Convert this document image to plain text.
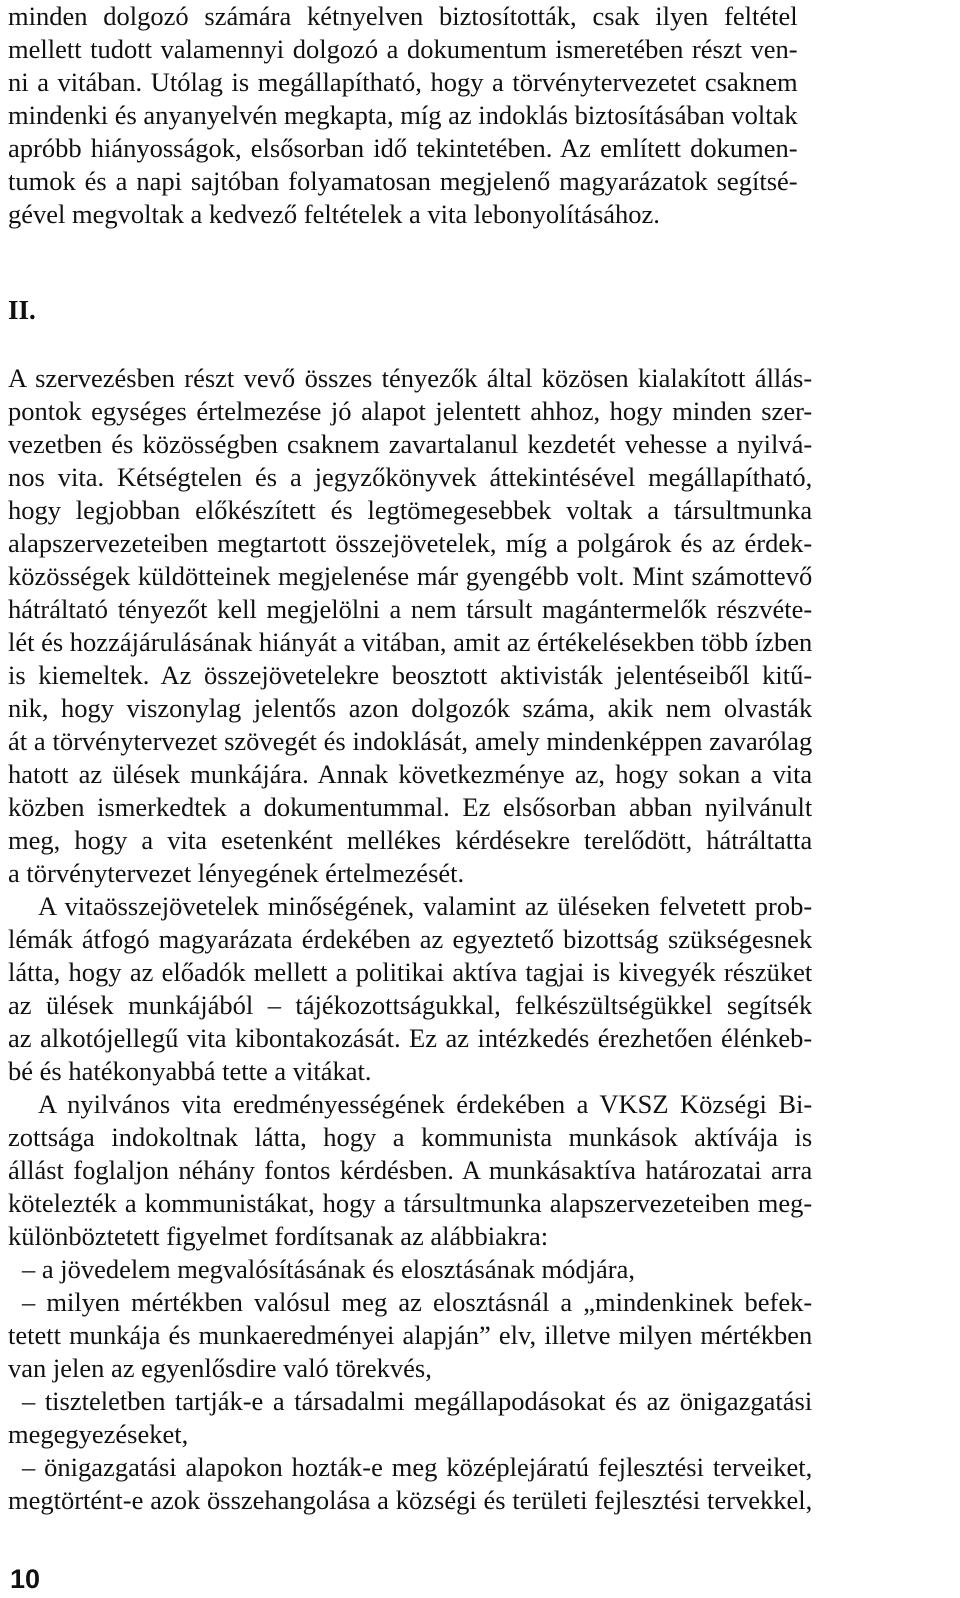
minden dolgozó számára kétnyelven biztosították, csak ilyen feltétel
mellett tudott valamennyi dolgozó a dokumentum ismeretében részt ven-
ni a vitában. Utólag is megállapítható, hogy a törvénytervezetet csaknem
mindenki és anyanyelvén megkapta, míg az indoklás biztosításában voltak
apróbb hiányosságok, elsősorban idő tekintetében. Az említett dokumen-
tumok és a napi sajtóban folyamatosan megjelenő magyarázatok segítsé-
gével megvoltak a kedvező feltételek a vita lebonyolításához.
A szervezésben részt vevő összes tényezők által közösen kialakított állás-
pontok egységes értelmezése jó alapot jelentett ahhoz, hogy minden szer-
vezetben és közösségben csaknem zavartalanul kezdetét vehesse a nyilvá-
nos vita. Kétségtelen és a jegyzőkönyvek áttekintésével megállapítható,
hogy legjobban előkészített és legtömegesebbek voltak a társultmunka
alapszervezeteiben megtartott összejövetelek, míg a polgárok és az érdek-
közösségek küldötteinek megjelenése már gyengébb volt. Mint számottevő
hátráltató tényezőt kell megjelölni a nem társult magántermelők részvéte-
lét és hozzájárulásának hiányát a vitában, amit az értékelésekben több ízben
is kiemeltek. Az összejövetelekre beosztott aktivisták jelentéseiből kitű-
nik, hogy viszonylag jelentős azon dolgozók száma, akik nem olvasták
át a törvénytervezet szövegét és indoklását, amely mindenképpen zavarólag
hatott az ülések munkájára. Annak következménye az, hogy sokan a vita
közben ismerkedtek a dokumentummal. Ez elsősorban abban nyilvánult
meg, hogy a vita esetenként mellékes kérdésekre terelődött, hátráltatta
a törvénytervezet lényegének értelmezését.
A vitaösszejövetelek minőségének, valamint az üléseken felvetett prob-
lémák átfogó magyarázata érdekében az egyeztető bizottság szükségesnek
látta, hogy az előadók mellett a politikai aktíva tagjai is kivegyék részüket
az ülések munkájából – tájékozottságukkal, felkészültségükkel segítsék
az alkotójellegű vita kibontakozását. Ez az intézkedés érezhetően élénkeb-
bé és hatékonyabbá tette a vitákat.
A nyilvános vita eredményességének érdekében a VKSZ Községi Bi-
zottsága indokoltnak látta, hogy a kommunista munkások aktívája is
állást foglaljon néhány fontos kérdésben. A munkásaktíva határozatai arra
kötelezték a kommunistákat, hogy a társultmunka alapszervezeteiben meg-
különböztetett figyelmet fordítsanak az alábbiakra:
– a jövedelem megvalósításának és elosztásának módjára,
– milyen mértékben valósul meg az elosztásnál a „mindenkinek befek-
tetett munkája és munkaeredményei alapján” elv, illetve milyen mértékben
van jelen az egyenlősdire való törekvés,
– tiszteletben tartják-e a társadalmi megállapodásokat és az önigazgatási
megegyezéseket,
– önigazgatási alapokon hozták-e meg középlejáratú fejlesztési terveiket,
megtörtént-e azok összehangolása a községi és területi fejlesztési tervekkel,
II.

10
